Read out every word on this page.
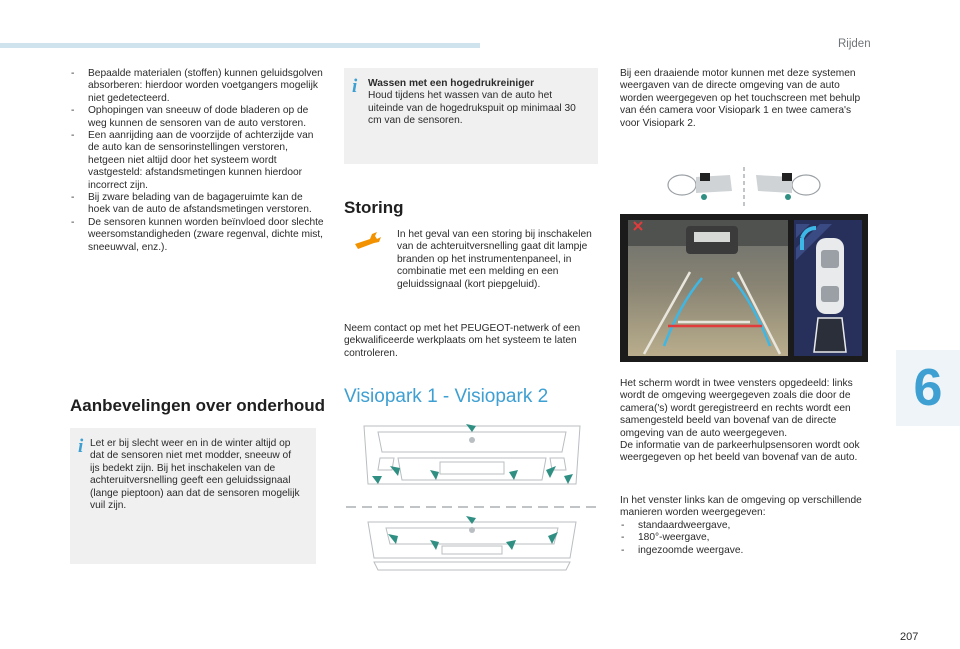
Rijden
6
207
- Bepaalde materialen (stoffen) kunnen geluidsgolven absorberen: hierdoor worden voetgangers mogelijk niet gedetecteerd.
- Ophopingen van sneeuw of dode bladeren op de weg kunnen de sensoren van de auto verstoren.
- Een aanrijding aan de voorzijde of achterzijde van de auto kan de sensorinstellingen verstoren, hetgeen niet altijd door het systeem wordt vastgesteld: afstandsmetingen kunnen hierdoor incorrect zijn.
- Bij zware belading van de bagageruimte kan de hoek van de auto de afstandsmetingen verstoren.
- De sensoren kunnen worden beïnvloed door slechte weersomstandigheden (zware regenval, dichte mist, sneeuwval, enz.).
Aanbevelingen over onderhoud
i Let er bij slecht weer en in de winter altijd op dat de sensoren niet met modder, sneeuw of ijs bedekt zijn. Bij het inschakelen van de achteruitversnelling geeft een geluidssignaal (lange pieptoon) aan dat de sensoren mogelijk vuil zijn.
i Wassen met een hogedrukreiniger
Houd tijdens het wassen van de auto het uiteinde van de hogedrukspuit op minimaal 30 cm van de sensoren.
Storing
In het geval van een storing bij inschakelen van de achteruitversnelling gaat dit lampje branden op het instrumentenpaneel, in combinatie met een melding en een geluidssignaal (kort piepgeluid).
Neem contact op met het PEUGEOT-netwerk of een gekwalificeerde werkplaats om het systeem te laten controleren.
Visiopark 1 - Visiopark 2
Bij een draaiende motor kunnen met deze systemen weergaven van de directe omgeving van de auto worden weergegeven op het touchscreen met behulp van één camera voor Visiopark 1 en twee camera's voor Visiopark 2.
Het scherm wordt in twee vensters opgedeeld: links wordt de omgeving weergegeven zoals die door de camera('s) wordt geregistreerd en rechts wordt een samengesteld beeld van bovenaf van de directe omgeving van de auto weergegeven.
De informatie van de parkeerhulpsensoren wordt ook weergegeven op het beeld van bovenaf van de auto.
In het venster links kan de omgeving op verschillende manieren worden weergegeven:
- standaardweergave,
- 180°-weergave,
- ingezoomde weergave.
